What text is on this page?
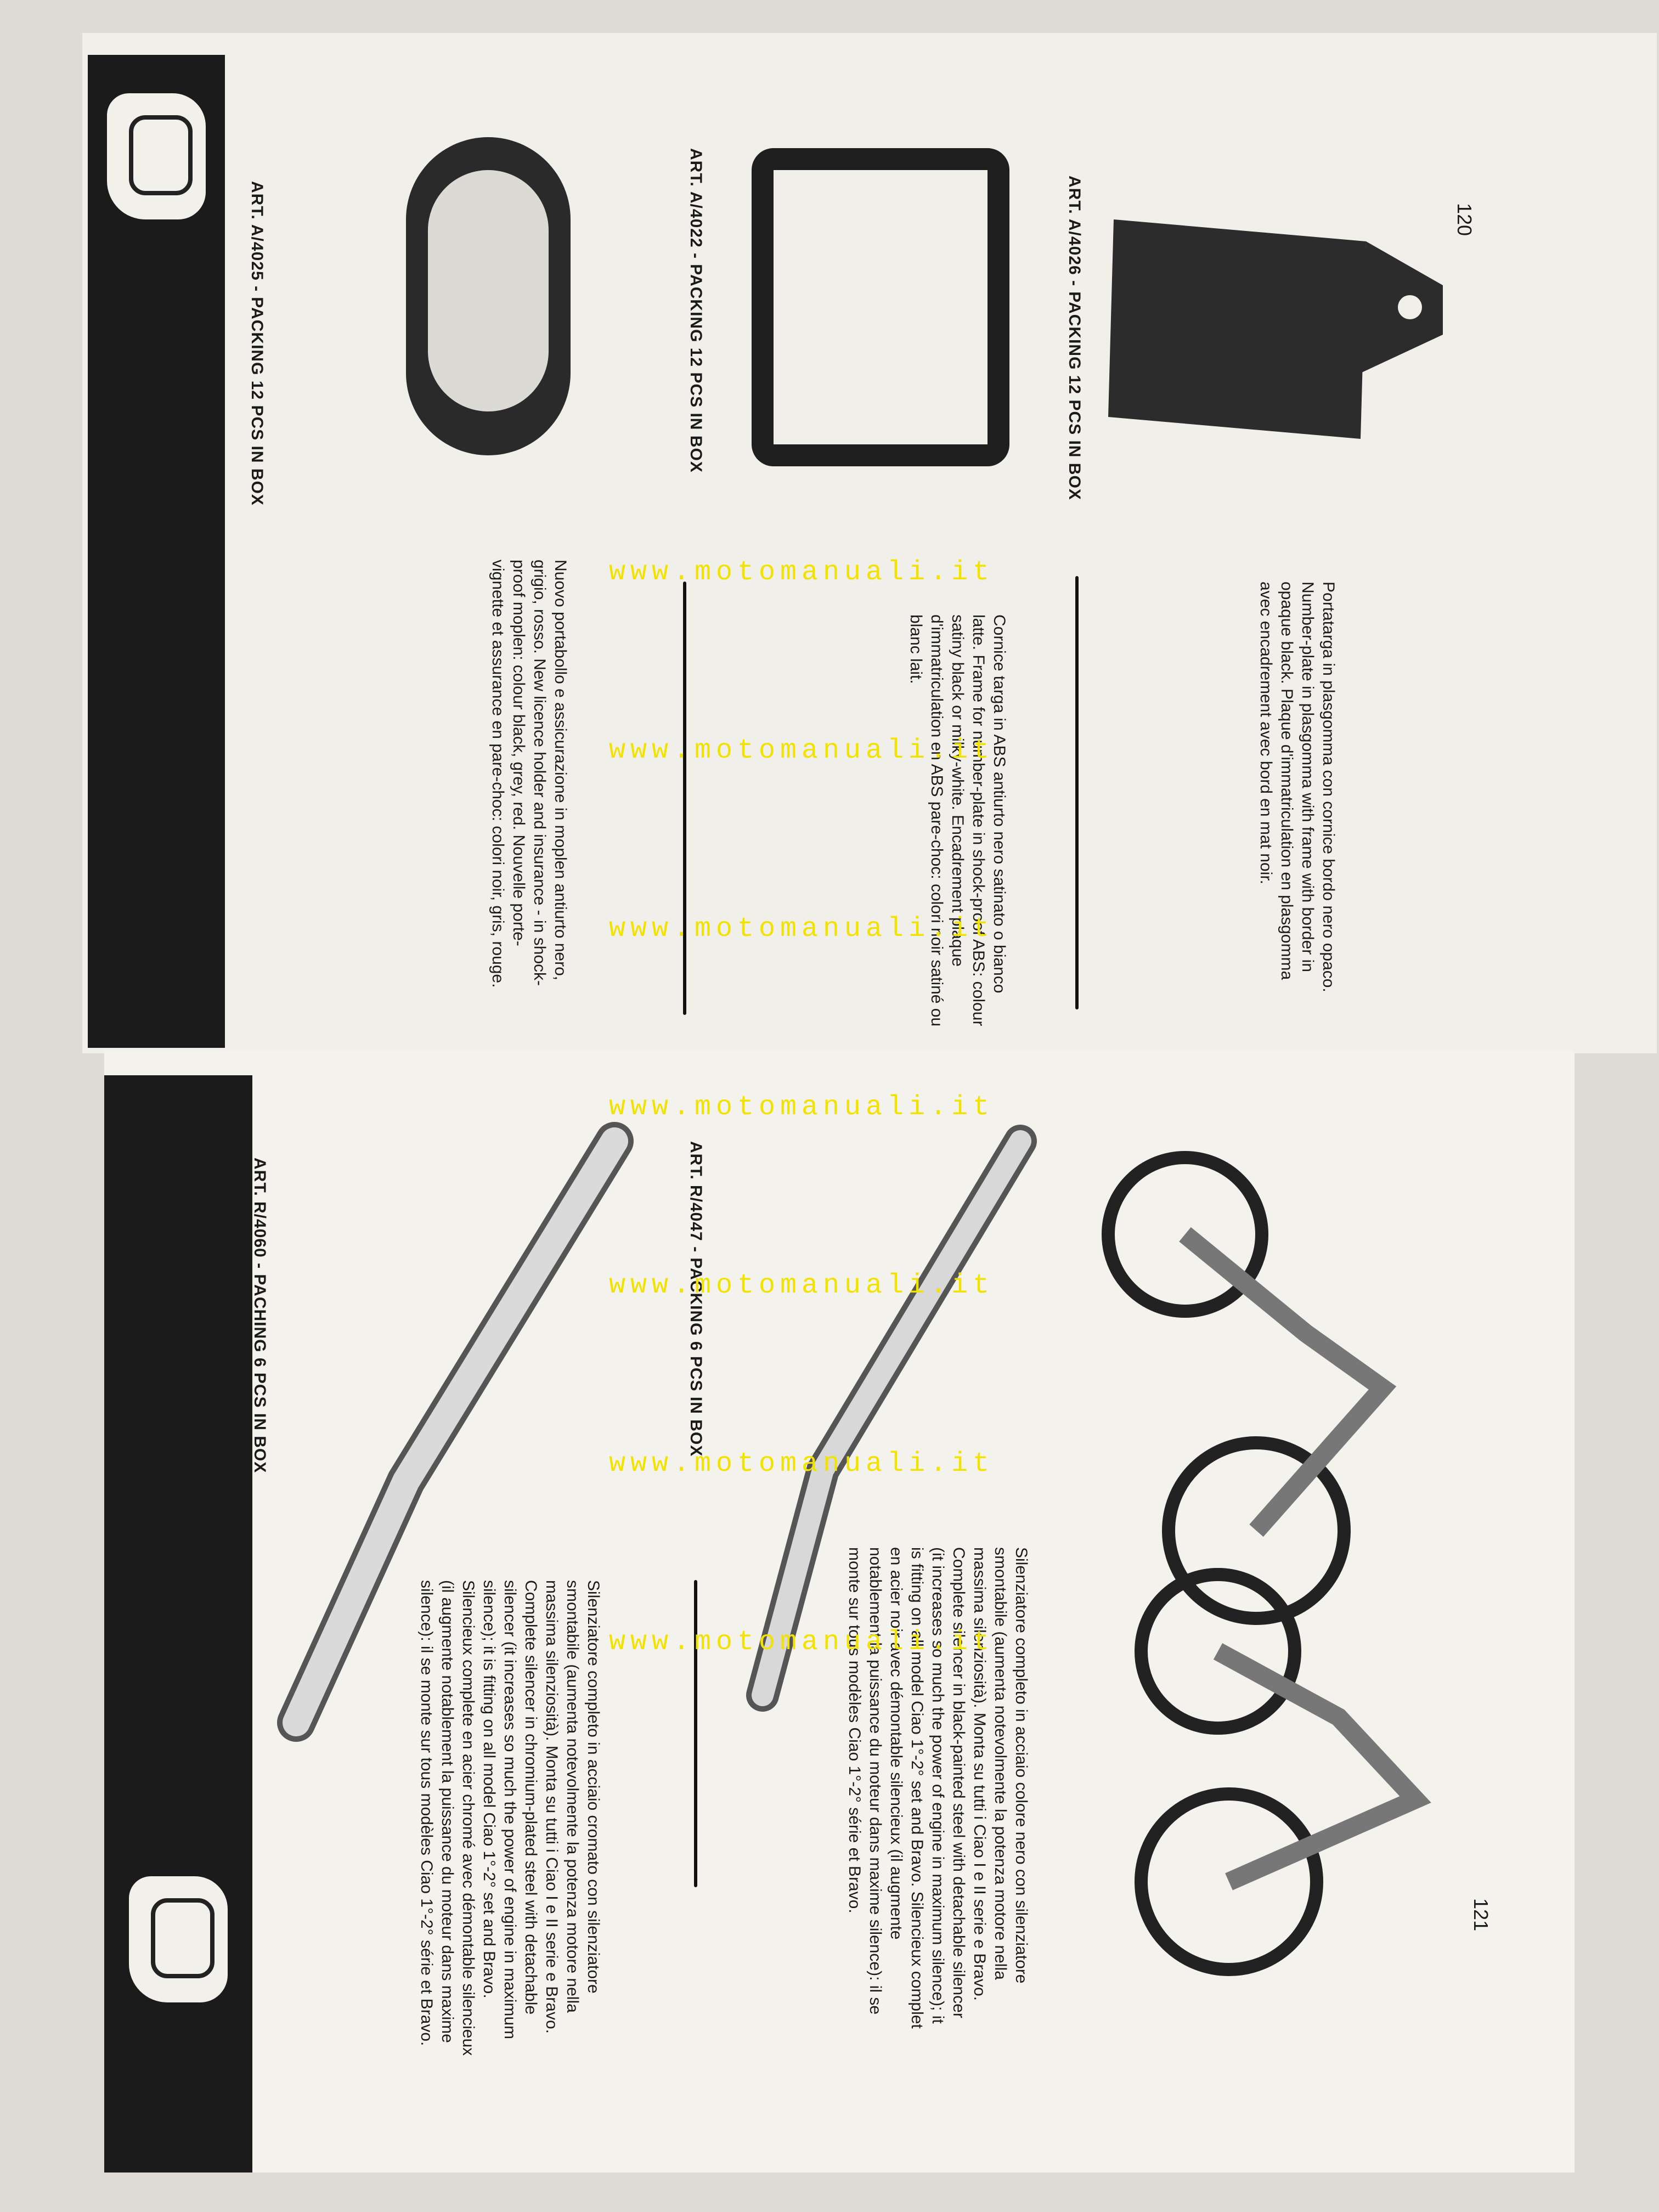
120
121
ART. A/4026 - PACKING 12 PCS IN BOX
ART. A/4022 - PACKING 12 PCS IN BOX
ART. A/4025 - PACKING 12 PCS IN BOX
Portatarga in plasgomma con cornice bordo nero opaco. Number-plate in plasgomma with frame with border in opaque black. Plaque d'immatriculation en plasgomma avec encadrement avec bord en mat noir.
Cornice targa in ABS antiurto nero satinato o bianco latte. Frame for number-plate in shock-proof ABS: colour satiny black or milky-white. Encadrement plaque d'immatriculation en ABS pare-choc: colori noir satiné ou blanc lait.
Nuovo portabollo e assicurazione in moplen antiurto nero, grigio, rosso. New licence holder and insurance - in shock-proof moplen: colour black, grey, red. Nouvelle porte-vignette et assurance en pare-choc: colori noir, gris, rouge.
ART. R/4047 - PACKING 6 PCS IN BOX
ART. R/4060 - PACHING 6 PCS IN BOX
Silenziatore completo in acciaio colore nero con silenziatore smontabile (aumenta notevolmente la potenza motore nella massima silenziosità). Monta su tutti i Ciao I e II serie e Bravo. Complete silencer in black-painted steel with detachable silencer (it increases so much the power of engine in maximum silence); it is fitting on all model Ciao 1°-2° set and Bravo. Silencieux complet en acier noir avec démontable silencieux (il augmente notablement la puissance du moteur dans maxime silence): il se monte sur tous modèles Ciao 1°-2° série et Bravo.
Silenziatore completo in acciaio cromato con silenziatore smontabile (aumenta notevolmente la potenza motore nella massima silenziosità). Monta su tutti i Ciao I e II serie e Bravo. Complete silencer in chromium-plated steel with detachable silencer (it increases so much the power of engine in maximum silence); it is fitting on all model Ciao 1°-2° set and Bravo. Silencieux complete en acier chromé avec démontable silencieux (il augmente notablement la puissance du moteur dans maxime silence): il se monte sur tous modèles Ciao 1°-2° série et Bravo.
www.motomanuali.it
www.motomanuali.it
www.motomanuali.it
www.motomanuali.it
www.motomanuali.it
www.motomanuali.it
www.motomanuali.it
